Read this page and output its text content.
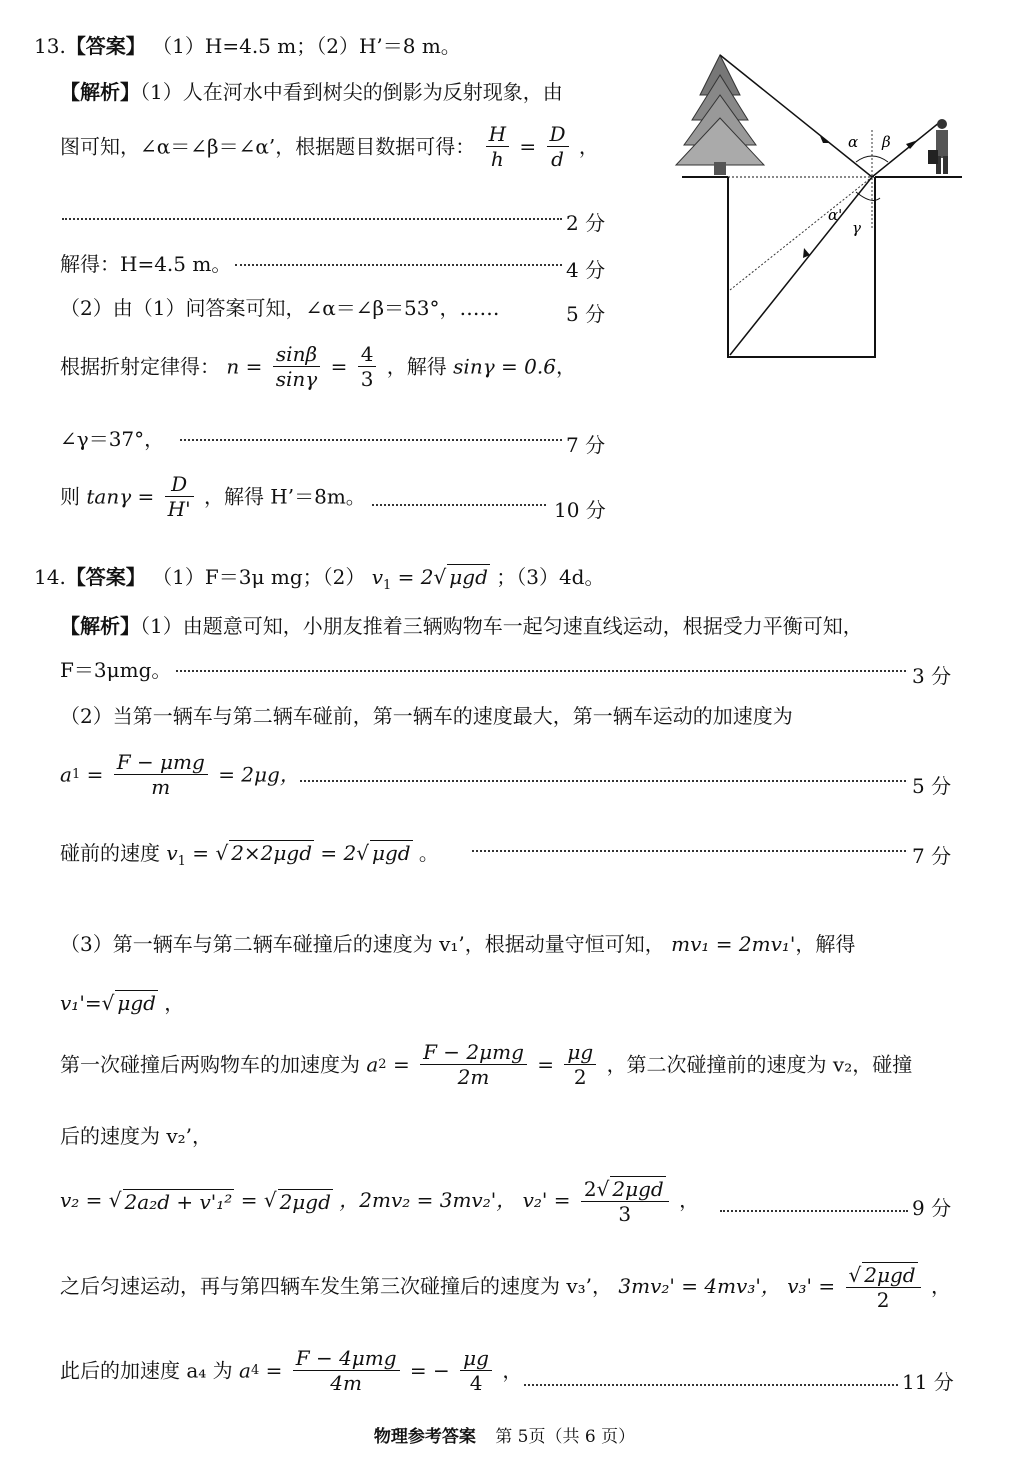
13.【答案】 （1）H=4.5 m；（2）H’＝8 m。
【解析】（1）人在河水中看到树尖的倒影为反射现象，由
图可知，∠α＝∠β＝∠α’，根据题目数据可得： $\frac{H}{h} = \frac{D}{d}$ ，
2 分
解得：H=4.5 m。	4 分
（2）由（1）问答案可知，∠α＝∠β＝53°，……	5 分
根据折射定律得： $n = \frac{\sin\beta}{\sin\gamma} = \frac{4}{3}$ ，解得 sinγ = 0.6，
∠γ＝37°，	7 分
则 $\tan\gamma = \frac{D}{H'}$ ，解得 H’＝8m。
10 分
α β
α'
γ
14.【答案】 （1）F＝3μ mg；（2） $v_1 = 2√$ μgd ；（3）4d。
【解析】（1）由题意可知，小朋友推着三辆购物车一起匀速直线运动，根据受力平衡可知，
F＝3μmg。	3 分
（2）当第一辆车与第二辆车碰前，第一辆车的速度最大，第一辆车运动的加速度为
$a1 = \frac{\text{F − μmg}}{m} = 2\mu g$，	5 分
碰前的速度 $v_1$ = √ 2×2μgd = 2√ μgd 。	7 分
（3）第一辆车与第二辆车碰撞后的速度为 v₁’，根据动量守恒可知， mv₁ = 2mv₁'，解得
v₁'=√ μgd ，
第一次碰撞后两购物车的加速度为 $a2 = \frac{\text{F − 2μmg}}{2m} = \frac{\mu g}{2}$ ，第二次碰撞前的速度为 v₂，碰撞
后的速度为 v₂’，
v₂ = √ 2a₂d + v'₁² = √ 2μgd ，2mv₂ = 3mv₂'， $v_2' = \frac{\text{2√ 2μgd}}{3}$ ，	9 分
之后匀速运动，再与第四辆车发生第三次碰撞后的速度为 v₃’， 3mv₂' = 4mv₃'， $v_3' = \frac{\text{√ 2μgd}}{2}$ ，
此后的加速度 a₄ 为 $a4 = \frac{\text{F − 4μmg}}{4m}$ = − $\frac{\mu g}{4}$ ，	11 分
物理参考答案 第 5页（共 6 页）
